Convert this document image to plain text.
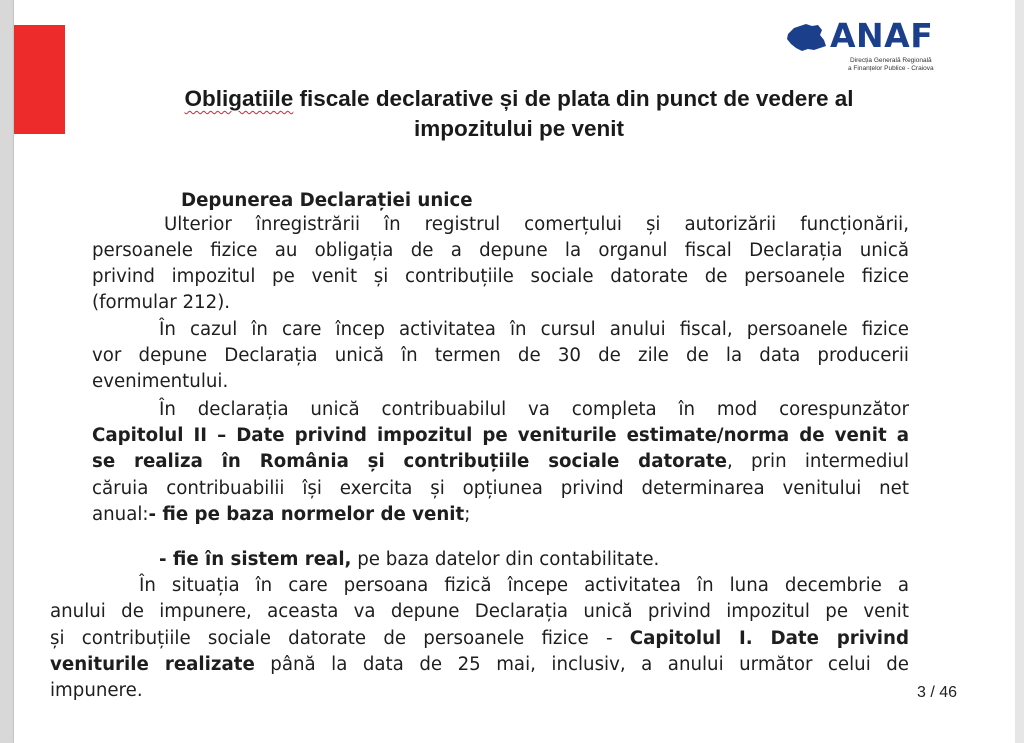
ANAF
Direcția Generală Regională
a Finanțelor Publice - Craiova
Obligatiile fiscale declarative și de plata din punct de vedere al
impozitului pe venit
Depunerea Declarației unice
Ulterior înregistrării în registrul comerțului și autorizării funcționării,
persoanele fizice au obligația de a depune la organul fiscal Declarația unică
privind impozitul pe venit și contribuțiile sociale datorate de persoanele fizice
(formular 212).
În cazul în care încep activitatea în cursul anului fiscal, persoanele fizice
vor depune Declarația unică în termen de 30 de zile de la data producerii
evenimentului.
În declarația unică contribuabilul va completa în mod corespunzător
Capitolul II – Date privind impozitul pe veniturile estimate/norma de venit a
se realiza în România și contribuțiile sociale datorate, prin intermediul
căruia contribuabilii își exercita și opțiunea privind determinarea venitului net
anual:- fie pe baza normelor de venit;
- fie în sistem real, pe baza datelor din contabilitate.
În situația în care persoana fizică începe activitatea în luna decembrie a
anului de impunere, aceasta va depune Declarația unică privind impozitul pe venit
și contribuțiile sociale datorate de persoanele fizice - Capitolul I. Date privind
veniturile realizate până la data de 25 mai, inclusiv, a anului următor celui de
impunere.	3 / 46
